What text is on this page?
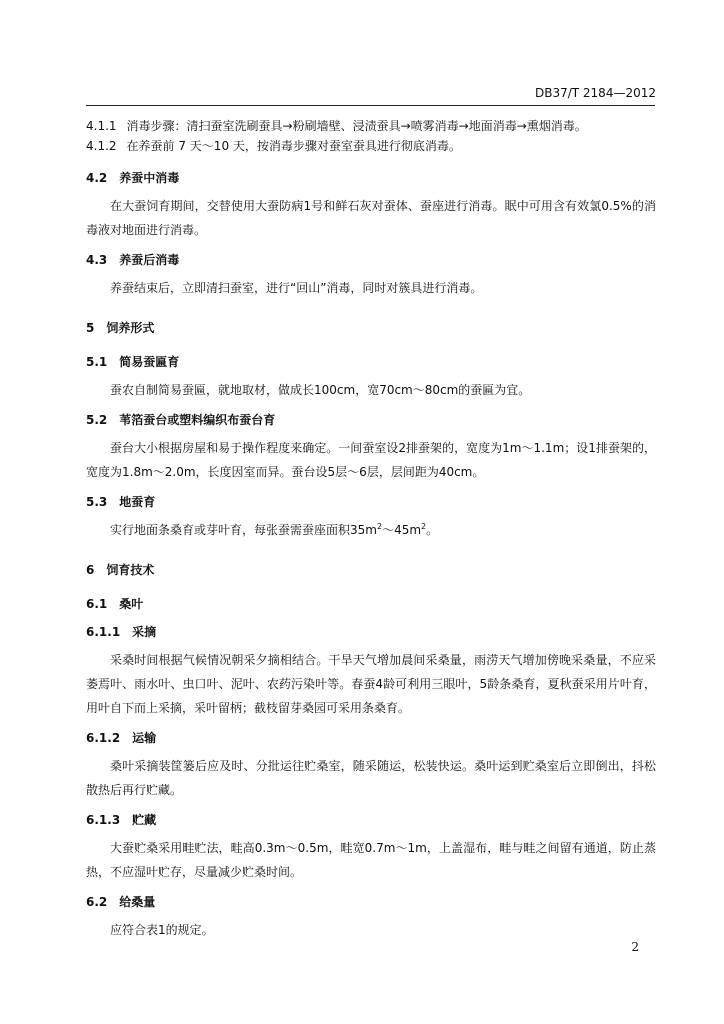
DB37/T 2184—2012

4.1.1 消毒步骤：清扫蚕室洗刷蚕具→粉刷墙壁、浸渍蚕具→喷雾消毒→地面消毒→熏烟消毒。

4.1.2 在养蚕前 7 天～10 天，按消毒步骤对蚕室蚕具进行彻底消毒。

4.2 养蚕中消毒

在大蚕饲育期间，交替使用大蚕防病1号和鲜石灰对蚕体、蚕座进行消毒。眠中可用含有效氯0.5%的消毒液对地面进行消毒。

4.3 养蚕后消毒

养蚕结束后，立即清扫蚕室，进行“回山”消毒，同时对簇具进行消毒。

5 饲养形式

5.1 简易蚕匾育

蚕农自制简易蚕匾，就地取材，做成长100cm，宽70cm～80cm的蚕匾为宜。

5.2 苇箔蚕台或塑料编织布蚕台育

蚕台大小根据房屋和易于操作程度来确定。一间蚕室设2排蚕架的，宽度为1m～1.1m；设1排蚕架的，宽度为1.8m～2.0m，长度因室而异。蚕台设5层～6层，层间距为40cm。

5.3 地蚕育

实行地面条桑育或芽叶育，每张蚕需蚕座面积$35m^2\sim 45m^2$。

6 饲育技术

6.1 桑叶

6.1.1 采摘

采桑时间根据气候情况朝采夕摘相结合。干旱天气增加晨间采桑量，雨涝天气增加傍晚采桑量，不应采萎焉叶、雨水叶、虫口叶、泥叶、农药污染叶等。春蚕4龄可利用三眼叶，5龄条桑育，夏秋蚕采用片叶育，用叶自下而上采摘，采叶留柄；截枝留芽桑园可采用条桑育。

6.1.2 运输

桑叶采摘装筐篓后应及时、分批运往贮桑室，随采随运，松装快运。桑叶运到贮桑室后立即倒出，抖松散热后再行贮藏。

6.1.3 贮藏

大蚕贮桑采用畦贮法，畦高0.3m～0.5m，畦宽0.7m～1m，上盖湿布，畦与畦之间留有通道，防止蒸热，不应湿叶贮存，尽量减少贮桑时间。

6.2 给桑量

应符合表1的规定。

2
